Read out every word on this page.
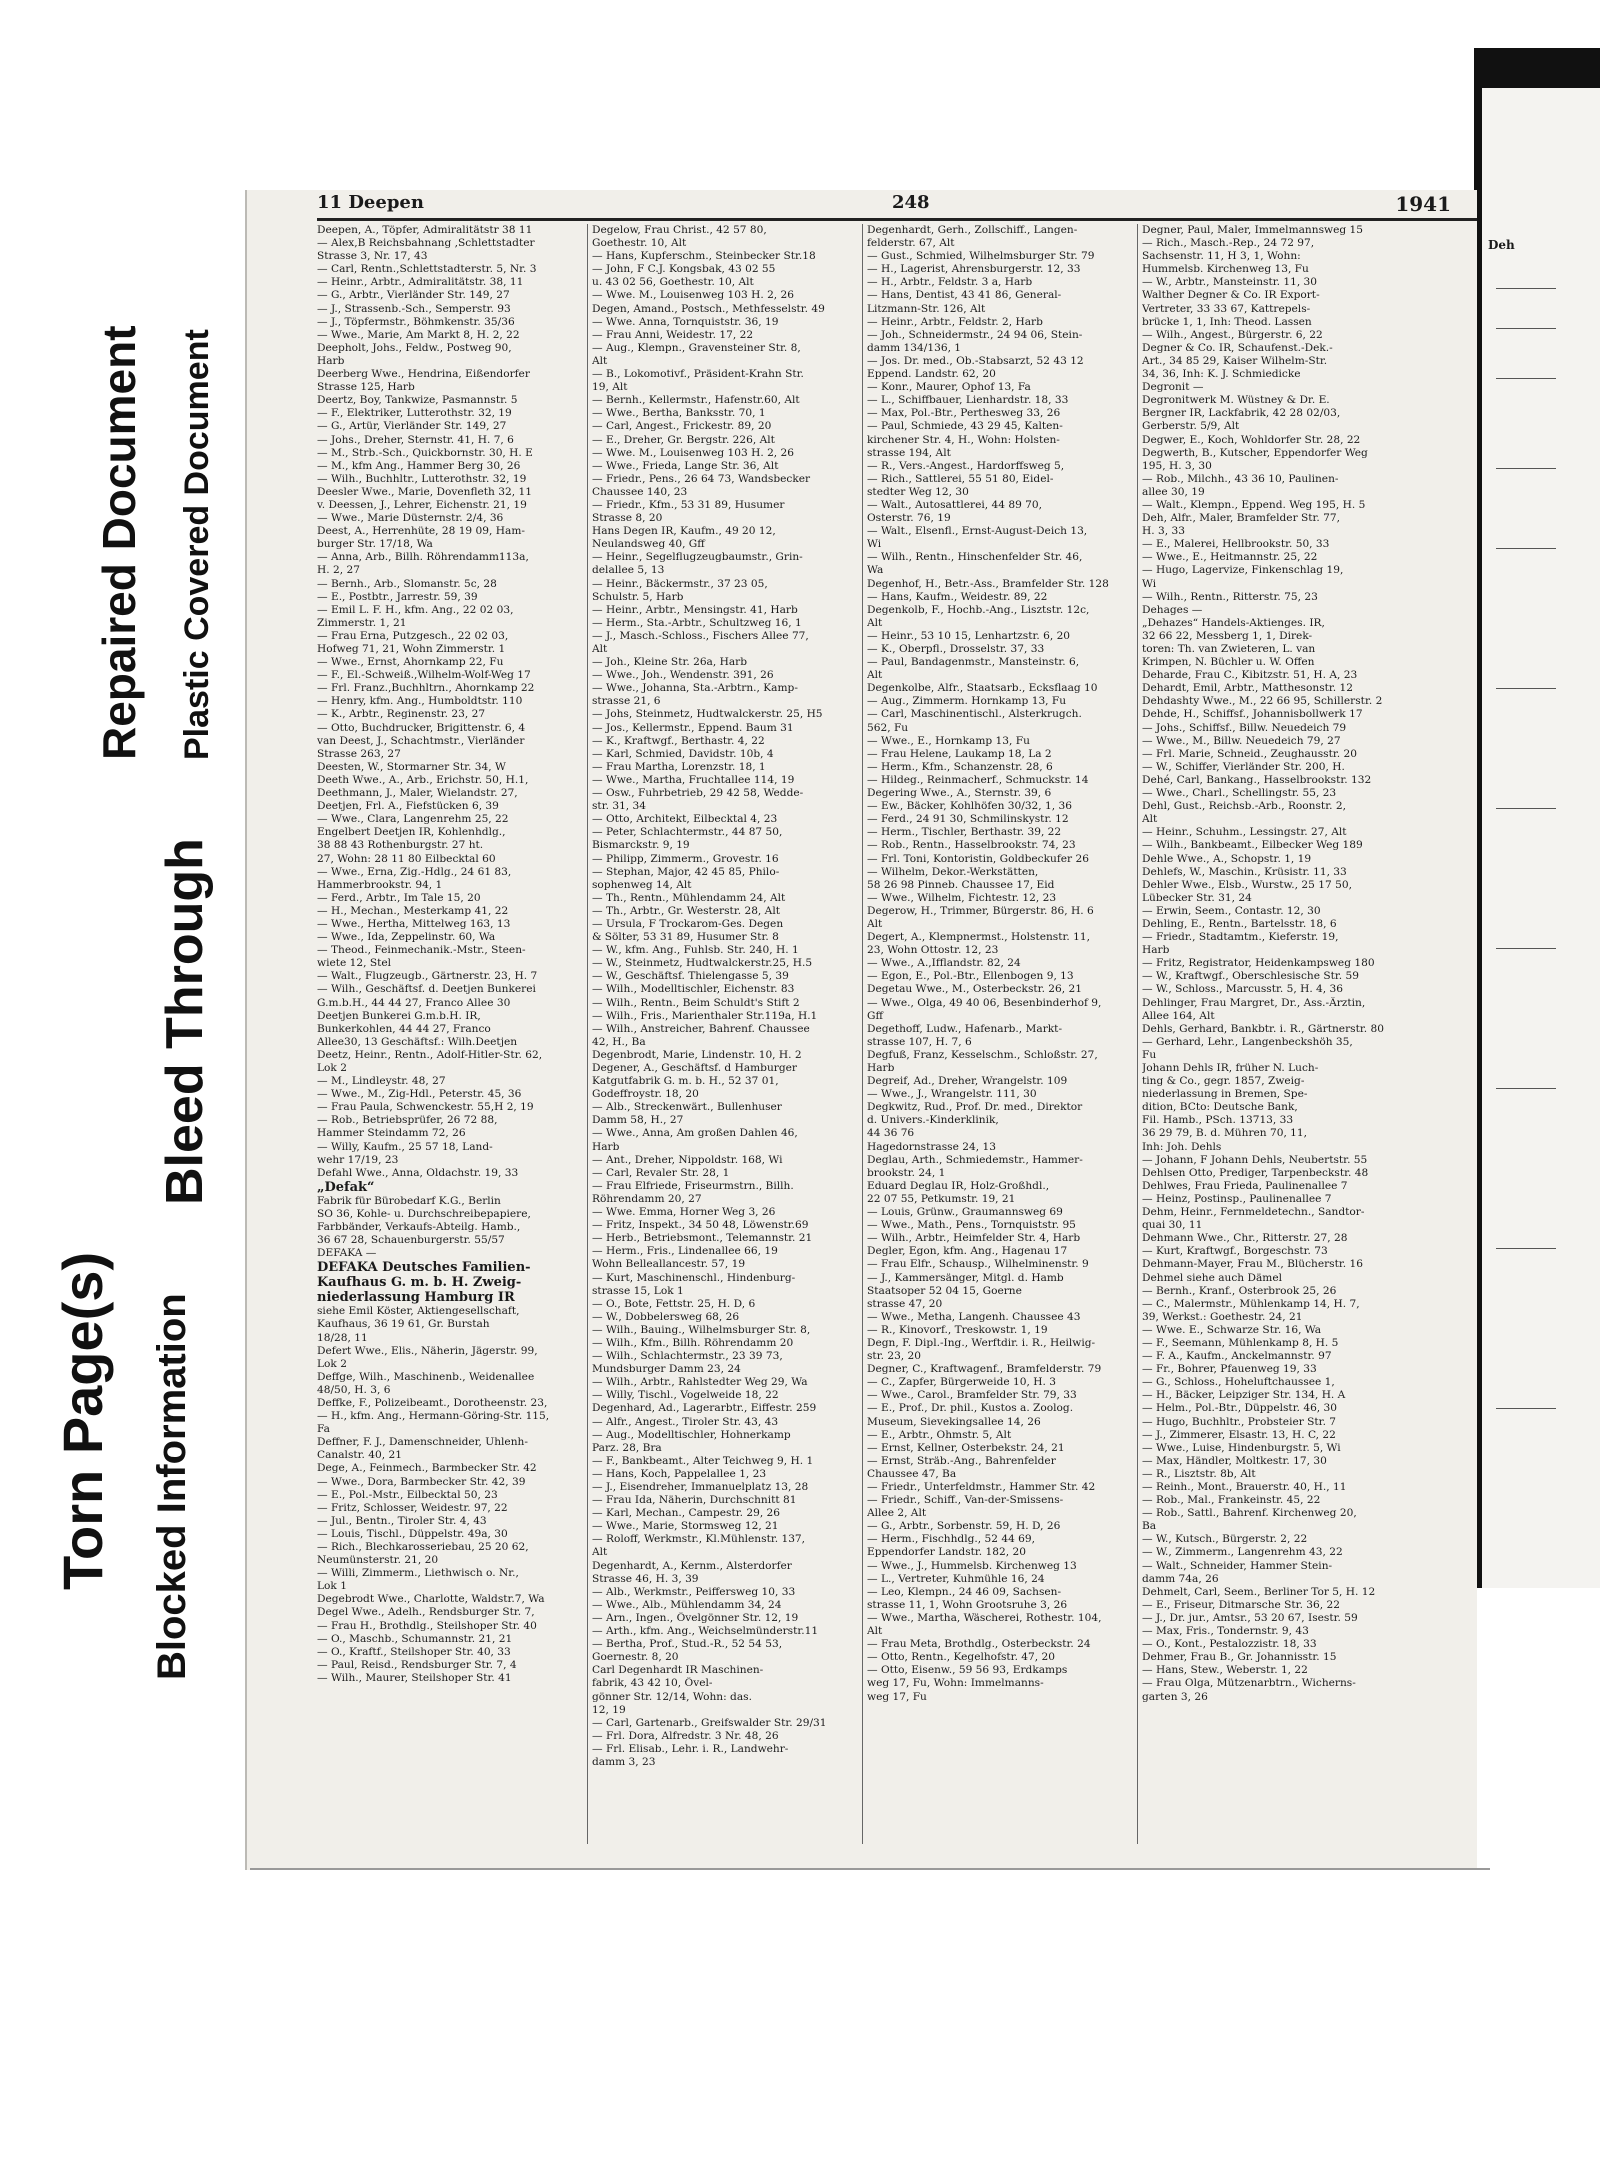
Torn Page(s)
Bleed Through
Repaired Document
Blocked Information
Plastic Covered Document
Deh
11 Deepen	248	1941
Deepen, A., Töpfer, Admiralitätstr 38 11
— Alex,B Reichsbahnang ,Schlettstadter
Strasse 3, Nr. 17, 43
— Carl, Rentn.,Schlettstadterstr. 5, Nr. 3
— Heinr., Arbtr., Admiralitätstr. 38, 11
— G., Arbtr., Vierländer Str. 149, 27
— J., Strassenb.-Sch., Semperstr. 93
— J., Töpfermstr., Böhmkenstr. 35/36
— Wwe., Marie, Am Markt 8, H. 2, 22
Deepholt, Johs., Feldw., Postweg 90,
Harb
Deerberg Wwe., Hendrina, Eißendorfer
Strasse 125, Harb
Deertz, Boy, Tankwize, Pasmannstr. 5
— F., Elektriker, Lutterothstr. 32, 19
— G., Artür, Vierländer Str. 149, 27
— Johs., Dreher, Sternstr. 41, H. 7, 6
— M., Strb.-Sch., Quickbornstr. 30, H. E
— M., kfm Ang., Hammer Berg 30, 26
— Wilh., Buchhltr., Lutterothstr. 32, 19
Deesler Wwe., Marie, Dovenfleth 32, 11
v. Deessen, J., Lehrer, Eichenstr. 21, 19
— Wwe., Marie Düsternstr. 2/4, 36
Deest, A., Herrenhüte, 28 19 09, Ham-
burger Str. 17/18, Wa
— Anna, Arb., Billh. Röhrendamm113a,
H. 2, 27
— Bernh., Arb., Slomanstr. 5c, 28
— E., Postbtr., Jarrestr. 59, 39
— Emil L. F. H., kfm. Ang., 22 02 03,
Zimmerstr. 1, 21
— Frau Erna, Putzgesch., 22 02 03,
Hofweg 71, 21, Wohn Zimmerstr. 1
— Wwe., Ernst, Ahornkamp 22, Fu
— F., El.-Schweiß.,Wilhelm-Wolf-Weg 17
— Frl. Franz.,Buchhltrn., Ahornkamp 22
— Henry, kfm. Ang., Humboldtstr. 110
— K., Arbtr., Reginenstr. 23, 27
— Otto, Buchdrucker, Brigittenstr. 6, 4
van Deest, J., Schachtmstr., Vierländer
Strasse 263, 27
Deesten, W., Stormarner Str. 34, W
Deeth Wwe., A., Arb., Erichstr. 50, H.1,
Deethmann, J., Maler, Wielandstr. 27,
Deetjen, Frl. A., Fiefstücken 6, 39
— Wwe., Clara, Langenrehm 25, 22
Engelbert Deetjen IR, Kohlenhdlg.,
38 88 43 Rothenburgstr. 27 ht.
27, Wohn: 28 11 80 Eilbecktal 60
— Wwe., Erna, Zig.-Hdlg., 24 61 83,
Hammerbrookstr. 94, 1
— Ferd., Arbtr., Im Tale 15, 20
— H., Mechan., Mesterkamp 41, 22
— Wwe., Hertha, Mittelweg 163, 13
— Wwe., Ida, Zeppelinstr. 60, Wa
— Theod., Feinmechanik.-Mstr., Steen-
wiete 12, Stel
— Walt., Flugzeugb., Gärtnerstr. 23, H. 7
— Wilh., Geschäftsf. d. Deetjen Bunkerei
G.m.b.H., 44 44 27, Franco Allee 30
Deetjen Bunkerei G.m.b.H. IR,
Bunkerkohlen, 44 44 27, Franco
Allee30, 13 Geschäftsf.: Wilh.Deetjen
Deetz, Heinr., Rentn., Adolf-Hitler-Str. 62,
Lok 2
— M., Lindleystr. 48, 27
— Wwe., M., Zig-Hdl., Peterstr. 45, 36
— Frau Paula, Schwenckestr. 55,H 2, 19
— Rob., Betriebsprüfer, 26 72 88,
Hammer Steindamm 72, 26
— Willy, Kaufm., 25 57 18, Land-
wehr 17/19, 23
Defahl Wwe., Anna, Oldachstr. 19, 33
„Defak“
Fabrik für Bürobedarf K.G., Berlin
SO 36, Kohle- u. Durchschreibepapiere,
Farbbänder, Verkaufs-Abteilg. Hamb.,
36 67 28, Schauenburgerstr. 55/57
DEFAKA —
DEFAKA Deutsches Familien-
Kaufhaus G. m. b. H. Zweig-
niederlassung Hamburg IR
siehe Emil Köster, Aktiengesellschaft,
Kaufhaus, 36 19 61, Gr. Burstah
18/28, 11
Defert Wwe., Elis., Näherin, Jägerstr. 99,
Lok 2
Deffge, Wilh., Maschinenb., Weidenallee
48/50, H. 3, 6
Deffke, F., Polizeibeamt., Dorotheenstr. 23,
— H., kfm. Ang., Hermann-Göring-Str. 115,
Fa
Deffner, F. J., Damenschneider, Uhlenh-
Canalstr. 40, 21
Dege, A., Feinmech., Barmbecker Str. 42
— Wwe., Dora, Barmbecker Str. 42, 39
— E., Pol.-Mstr., Eilbecktal 50, 23
— Fritz, Schlosser, Weidestr. 97, 22
— Jul., Bentn., Tiroler Str. 4, 43
— Louis, Tischl., Düppelstr. 49a, 30
— Rich., Blechkarosseriebau, 25 20 62,
Neumünsterstr. 21, 20
— Willi, Zimmerm., Liethwisch o. Nr.,
Lok 1
Degebrodt Wwe., Charlotte, Waldstr.7, Wa
Degel Wwe., Adelh., Rendsburger Str. 7,
— Frau H., Brothdlg., Steilshoper Str. 40
— O., Maschb., Schumannstr. 21, 21
— O., Kraftf., Steilshoper Str. 40, 33
— Paul, Reisd., Rendsburger Str. 7, 4
— Wilh., Maurer, Steilshoper Str. 41
Degelow, Frau Christ., 42 57 80,
Goethestr. 10, Alt
— Hans, Kupferschm., Steinbecker Str.18
— John, F C.J. Kongsbak, 43 02 55
u. 43 02 56, Goethestr. 10, Alt
— Wwe. M., Louisenweg 103 H. 2, 26
Degen, Amand., Postsch., Methfesselstr. 49
— Wwe. Anna, Tornquiststr. 36, 19
— Frau Anni, Weidestr. 17, 22
— Aug., Klempn., Gravensteiner Str. 8,
Alt
— B., Lokomotivf., Präsident-Krahn Str.
19, Alt
— Bernh., Kellermstr., Hafenstr.60, Alt
— Wwe., Bertha, Banksstr. 70, 1
— Carl, Angest., Frickestr. 89, 20
— E., Dreher, Gr. Bergstr. 226, Alt
— Wwe. M., Louisenweg 103 H. 2, 26
— Wwe., Frieda, Lange Str. 36, Alt
— Friedr., Pens., 26 64 73, Wandsbecker
Chaussee 140, 23
— Friedr., Kfm., 53 31 89, Husumer
Strasse 8, 20
Hans Degen IR, Kaufm., 49 20 12,
Neulandsweg 40, Gff
— Heinr., Segelflugzeugbaumstr., Grin-
delallee 5, 13
— Heinr., Bäckermstr., 37 23 05,
Schulstr. 5, Harb
— Heinr., Arbtr., Mensingstr. 41, Harb
— Herm., Sta.-Arbtr., Schultzweg 16, 1
— J., Masch.-Schloss., Fischers Allee 77,
Alt
— Joh., Kleine Str. 26a, Harb
— Wwe., Joh., Wendenstr. 391, 26
— Wwe., Johanna, Sta.-Arbtrn., Kamp-
strasse 21, 6
— Johs, Steinmetz, Hudtwalckerstr. 25, H5
— Jos., Kellermstr., Eppend. Baum 31
— K., Kraftwgf., Berthastr. 4, 22
— Karl, Schmied, Davidstr. 10b, 4
— Frau Martha, Lorenzstr. 18, 1
— Wwe., Martha, Fruchtallee 114, 19
— Osw., Fuhrbetrieb, 29 42 58, Wedde-
str. 31, 34
— Otto, Architekt, Eilbecktal 4, 23
— Peter, Schlachtermstr., 44 87 50,
Bismarckstr. 9, 19
— Philipp, Zimmerm., Grovestr. 16
— Stephan, Major, 42 45 85, Philo-
sophenweg 14, Alt
— Th., Rentn., Mühlendamm 24, Alt
— Th., Arbtr., Gr. Westerstr. 28, Alt
— Ursula, F Trockarom-Ges. Degen
& Sölter, 53 31 89, Husumer Str. 8
— W., kfm. Ang., Fuhlsb. Str. 240, H. 1
— W., Steinmetz, Hudtwalckerstr.25, H.5
— W., Geschäftsf. Thielengasse 5, 39
— Wilh., Modelltischler, Eichenstr. 83
— Wilh., Rentn., Beim Schuldt's Stift 2
— Wilh., Fris., Marienthaler Str.119a, H.1
— Wilh., Anstreicher, Bahrenf. Chaussee
42, H., Ba
Degenbrodt, Marie, Lindenstr. 10, H. 2
Degener, A., Geschäftsf. d Hamburger
Katgutfabrik G. m. b. H., 52 37 01,
Godeffroystr. 18, 20
— Alb., Streckenwärt., Bullenhuser
Damm 58, H., 27
— Wwe., Anna, Am großen Dahlen 46,
Harb
— Ant., Dreher, Nippoldstr. 168, Wi
— Carl, Revaler Str. 28, 1
— Frau Elfriede, Friseurmstrn., Billh.
Röhrendamm 20, 27
— Wwe. Emma, Horner Weg 3, 26
— Fritz, Inspekt., 34 50 48, Löwenstr.69
— Herb., Betriebsmont., Telemannstr. 21
— Herm., Fris., Lindenallee 66, 19
Wohn Belleallancestr. 57, 19
— Kurt, Maschinenschl., Hindenburg-
strasse 15, Lok 1
— O., Bote, Fettstr. 25, H. D, 6
— W., Dobbelersweg 68, 26
— Wilh., Bauing., Wilhelmsburger Str. 8,
— Wilh., Kfm., Billh. Röhrendamm 20
— Wilh., Schlachtermstr., 23 39 73,
Mundsburger Damm 23, 24
— Wilh., Arbtr., Rahlstedter Weg 29, Wa
— Willy, Tischl., Vogelweide 18, 22
Degenhard, Ad., Lagerarbtr., Eiffestr. 259
— Alfr., Angest., Tiroler Str. 43, 43
— Aug., Modelltischler, Hohnerkamp
Parz. 28, Bra
— F., Bankbeamt., Alter Teichweg 9, H. 1
— Hans, Koch, Pappelallee 1, 23
— J., Eisendreher, Immanuelplatz 13, 28
— Frau Ida, Näherin, Durchschnitt 81
— Karl, Mechan., Campestr. 29, 26
— Wwe., Marie, Stormsweg 12, 21
— Roloff, Werkmstr., Kl.Mühlenstr. 137,
Alt
Degenhardt, A., Kernm., Alsterdorfer
Strasse 46, H. 3, 39
— Alb., Werkmstr., Peiffersweg 10, 33
— Wwe., Alb., Mühlendamm 34, 24
— Arn., Ingen., Övelgönner Str. 12, 19
— Arth., kfm. Ang., Weichselmünderstr.11
— Bertha, Prof., Stud.-R., 52 54 53,
Goernestr. 8, 20
Carl Degenhardt IR Maschinen-
fabrik, 43 42 10, Övel-
gönner Str. 12/14, Wohn: das.
12, 19
— Carl, Gartenarb., Greifswalder Str. 29/31
— Frl. Dora, Alfredstr. 3 Nr. 48, 26
— Frl. Elisab., Lehr. i. R., Landwehr-
damm 3, 23
Degenhardt, Gerh., Zollschiff., Langen-
felderstr. 67, Alt
— Gust., Schmied, Wilhelmsburger Str. 79
— H., Lagerist, Ahrensburgerstr. 12, 33
— H., Arbtr., Feldstr. 3 a, Harb
— Hans, Dentist, 43 41 86, General-
Litzmann-Str. 126, Alt
— Heinr., Arbtr., Feldstr. 2, Harb
— Joh., Schneidermstr., 24 94 06, Stein-
damm 134/136, 1
— Jos. Dr. med., Ob.-Stabsarzt, 52 43 12
Eppend. Landstr. 62, 20
— Konr., Maurer, Ophof 13, Fa
— L., Schiffbauer, Lienhardstr. 18, 33
— Max, Pol.-Btr., Perthesweg 33, 26
— Paul, Schmiede, 43 29 45, Kalten-
kirchener Str. 4, H., Wohn: Holsten-
strasse 194, Alt
— R., Vers.-Angest., Hardorffsweg 5,
— Rich., Sattlerei, 55 51 80, Eidel-
stedter Weg 12, 30
— Walt., Autosattlerei, 44 89 70,
Osterstr. 76, 19
— Walt., Elsenfl., Ernst-August-Deich 13,
Wi
— Wilh., Rentn., Hinschenfelder Str. 46,
Wa
Degenhof, H., Betr.-Ass., Bramfelder Str. 128
— Hans, Kaufm., Weidestr. 89, 22
Degenkolb, F., Hochb.-Ang., Lisztstr. 12c,
Alt
— Heinr., 53 10 15, Lenhartzstr. 6, 20
— K., Oberpfl., Drosselstr. 37, 33
— Paul, Bandagenmstr., Mansteinstr. 6,
Alt
Degenkolbe, Alfr., Staatsarb., Ecksflaag 10
— Aug., Zimmerm. Hornkamp 13, Fu
— Carl, Maschinentischl., Alsterkrugch.
562, Fu
— Wwe., E., Hornkamp 13, Fu
— Frau Helene, Laukamp 18, La 2
— Herm., Kfm., Schanzenstr. 28, 6
— Hildeg., Reinmacherf., Schmuckstr. 14
Degering Wwe., A., Sternstr. 39, 6
— Ew., Bäcker, Kohlhöfen 30/32, 1, 36
— Ferd., 24 91 30, Schmilinskystr. 12
— Herm., Tischler, Berthastr. 39, 22
— Rob., Rentn., Hasselbrookstr. 74, 23
— Frl. Toni, Kontoristin, Goldbeckufer 26
— Wilhelm, Dekor.-Werkstätten,
58 26 98 Pinneb. Chaussee 17, Eid
— Wwe., Wilhelm, Fichtestr. 12, 23
Degerow, H., Trimmer, Bürgerstr. 86, H. 6
Alt
Degert, A., Klempnermst., Holstenstr. 11,
23, Wohn Ottostr. 12, 23
— Wwe., A.,Ifflandstr. 82, 24
— Egon, E., Pol.-Btr., Ellenbogen 9, 13
Degetau Wwe., M., Osterbeckstr. 26, 21
— Wwe., Olga, 49 40 06, Besenbinderhof 9,
Gff
Degethoff, Ludw., Hafenarb., Markt-
strasse 107, H. 7, 6
Degfuß, Franz, Kesselschm., Schloßstr. 27,
Harb
Degreif, Ad., Dreher, Wrangelstr. 109
— Wwe., J., Wrangelstr. 111, 30
Degkwitz, Rud., Prof. Dr. med., Direktor
d. Univers.-Kinderklinik,
44 36 76
Hagedornstrasse 24, 13
Deglau, Arth., Schmiedemstr., Hammer-
brookstr. 24, 1
Eduard Deglau IR, Holz-Großhdl.,
22 07 55, Petkumstr. 19, 21
— Louis, Grünw., Graumannsweg 69
— Wwe., Math., Pens., Tornquiststr. 95
— Wilh., Arbtr., Heimfelder Str. 4, Harb
Degler, Egon, kfm. Ang., Hagenau 17
— Frau Elfr., Schausp., Wilhelminenstr. 9
— J., Kammersänger, Mitgl. d. Hamb
Staatsoper 52 04 15, Goerne
strasse 47, 20
— Wwe., Metha, Langenh. Chaussee 43
— R., Kinovorf., Treskowstr. 1, 19
Degn, F. Dipl.-Ing., Werftdir. i. R., Heilwig-
str. 23, 20
Degner, C., Kraftwagenf., Bramfelderstr. 79
— C., Zapfer, Bürgerweide 10, H. 3
— Wwe., Carol., Bramfelder Str. 79, 33
— E., Prof., Dr. phil., Kustos a. Zoolog.
Museum, Sievekingsallee 14, 26
— E., Arbtr., Ohmstr. 5, Alt
— Ernst, Kellner, Osterbekstr. 24, 21
— Ernst, Sträb.-Ang., Bahrenfelder
Chaussee 47, Ba
— Friedr., Unterfeldmstr., Hammer Str. 42
— Friedr., Schiff., Van-der-Smissens-
Allee 2, Alt
— G., Arbtr., Sorbenstr. 59, H. D, 26
— Herm., Fischhdlg., 52 44 69,
Eppendorfer Landstr. 182, 20
— Wwe., J., Hummelsb. Kirchenweg 13
— L., Vertreter, Kuhmühle 16, 24
— Leo, Klempn., 24 46 09, Sachsen-
strasse 11, 1, Wohn Grootsruhe 3, 26
— Wwe., Martha, Wäscherei, Rothestr. 104,
Alt
— Frau Meta, Brothdlg., Osterbeckstr. 24
— Otto, Rentn., Kegelhofstr. 47, 20
— Otto, Eisenw., 59 56 93, Erdkamps
weg 17, Fu, Wohn: Immelmanns-
weg 17, Fu
Degner, Paul, Maler, Immelmannsweg 15
— Rich., Masch.-Rep., 24 72 97,
Sachsenstr. 11, H 3, 1, Wohn:
Hummelsb. Kirchenweg 13, Fu
— W., Arbtr., Mansteinstr. 11, 30
Walther Degner & Co. IR Export-
Vertreter, 33 33 67, Kattrepels-
brücke 1, 1, Inh: Theod. Lassen
— Wilh., Angest., Bürgerstr. 6, 22
Degner & Co. IR, Schaufenst.-Dek.-
Art., 34 85 29, Kaiser Wilhelm-Str.
34, 36, Inh: K. J. Schmiedicke
Degronit —
Degronitwerk M. Wüstney & Dr. E.
Bergner IR, Lackfabrik, 42 28 02/03,
Gerberstr. 5/9, Alt
Degwer, E., Koch, Wohldorfer Str. 28, 22
Degwerth, B., Kutscher, Eppendorfer Weg
195, H. 3, 30
— Rob., Milchh., 43 36 10, Paulinen-
allee 30, 19
— Walt., Klempn., Eppend. Weg 195, H. 5
Deh, Alfr., Maler, Bramfelder Str. 77,
H. 3, 33
— E., Malerei, Hellbrookstr. 50, 33
— Wwe., E., Heitmannstr. 25, 22
— Hugo, Lagervize, Finkenschlag 19,
Wi
— Wilh., Rentn., Ritterstr. 75, 23
Dehages —
„Dehazes“ Handels-Aktienges. IR,
32 66 22, Messberg 1, 1, Direk-
toren: Th. van Zwieteren, L. van
Krimpen, N. Büchler u. W. Offen
Deharde, Frau C., Kibitzstr. 51, H. A, 23
Dehardt, Emil, Arbtr., Matthesonstr. 12
Dehdashty Wwe., M., 22 66 95, Schillerstr. 2
Dehde, H., Schiffsf., Johannisbollwerk 17
— Johs., Schiffsf., Billw. Neuedeich 79
— Wwe., M., Billw. Neuedeich 79, 27
— Frl. Marie, Schneid., Zeughausstr. 20
— W., Schiffer, Vierländer Str. 200, H.
Dehé, Carl, Bankang., Hasselbrookstr. 132
— Wwe., Charl., Schellingstr. 55, 23
Dehl, Gust., Reichsb.-Arb., Roonstr. 2,
Alt
— Heinr., Schuhm., Lessingstr. 27, Alt
— Wilh., Bankbeamt., Eilbecker Weg 189
Dehle Wwe., A., Schopstr. 1, 19
Dehlefs, W., Maschin., Krüsistr. 11, 33
Dehler Wwe., Elsb., Wurstw., 25 17 50,
Lübecker Str. 31, 24
— Erwin, Seem., Contastr. 12, 30
Dehling, E., Rentn., Bartelsstr. 18, 6
— Friedr., Stadtamtm., Kieferstr. 19,
Harb
— Fritz, Registrator, Heidenkampsweg 180
— W., Kraftwgf., Oberschlesische Str. 59
— W., Schloss., Marcusstr. 5, H. 4, 36
Dehlinger, Frau Margret, Dr., Ass.-Ärztin,
Allee 164, Alt
Dehls, Gerhard, Bankbtr. i. R., Gärtnerstr. 80
— Gerhard, Lehr., Langenbeckshöh 35,
Fu
Johann Dehls IR, früher N. Luch-
ting & Co., gegr. 1857, Zweig-
niederlassung in Bremen, Spe-
dition, BCto: Deutsche Bank,
Fil. Hamb., PSch. 13713, 33
36 29 79, B. d. Mühren 70, 11,
Inh: Joh. Dehls
— Johann, F Johann Dehls, Neubertstr. 55
Dehlsen Otto, Prediger, Tarpenbeckstr. 48
Dehlwes, Frau Frieda, Paulinenallee 7
— Heinz, Postinsp., Paulinenallee 7
Dehm, Heinr., Fernmeldetechn., Sandtor-
quai 30, 11
Dehmann Wwe., Chr., Ritterstr. 27, 28
— Kurt, Kraftwgf., Borgeschstr. 73
Dehmann-Mayer, Frau M., Blücherstr. 16
Dehmel siehe auch Dämel
— Bernh., Kranf., Osterbrook 25, 26
— C., Malermstr., Mühlenkamp 14, H. 7,
39, Werkst.: Goethestr. 24, 21
— Wwe. E., Schwarze Str. 16, Wa
— F., Seemann, Mühlenkamp 8, H. 5
— F. A., Kaufm., Anckelmannstr. 97
— Fr., Bohrer, Pfauenweg 19, 33
— G., Schloss., Hoheluftchaussee 1,
— H., Bäcker, Leipziger Str. 134, H. A
— Helm., Pol.-Btr., Düppelstr. 46, 30
— Hugo, Buchhltr., Probsteier Str. 7
— J., Zimmerer, Elsastr. 13, H. C, 22
— Wwe., Luise, Hindenburgstr. 5, Wi
— Max, Händler, Moltkestr. 17, 30
— R., Lisztstr. 8b, Alt
— Reinh., Mont., Brauerstr. 40, H., 11
— Rob., Mal., Frankeinstr. 45, 22
— Rob., Sattl., Bahrenf. Kirchenweg 20,
Ba
— W., Kutsch., Bürgerstr. 2, 22
— W., Zimmerm., Langenrehm 43, 22
— Walt., Schneider, Hammer Stein-
damm 74a, 26
Dehmelt, Carl, Seem., Berliner Tor 5, H. 12
— E., Friseur, Ditmarsche Str. 36, 22
— J., Dr. jur., Amtsr., 53 20 67, Isestr. 59
— Max, Fris., Tondernstr. 9, 43
— O., Kont., Pestalozzistr. 18, 33
Dehmer, Frau B., Gr. Johannisstr. 15
— Hans, Stew., Weberstr. 1, 22
— Frau Olga, Mützenarbtrn., Wicherns-
garten 3, 26
